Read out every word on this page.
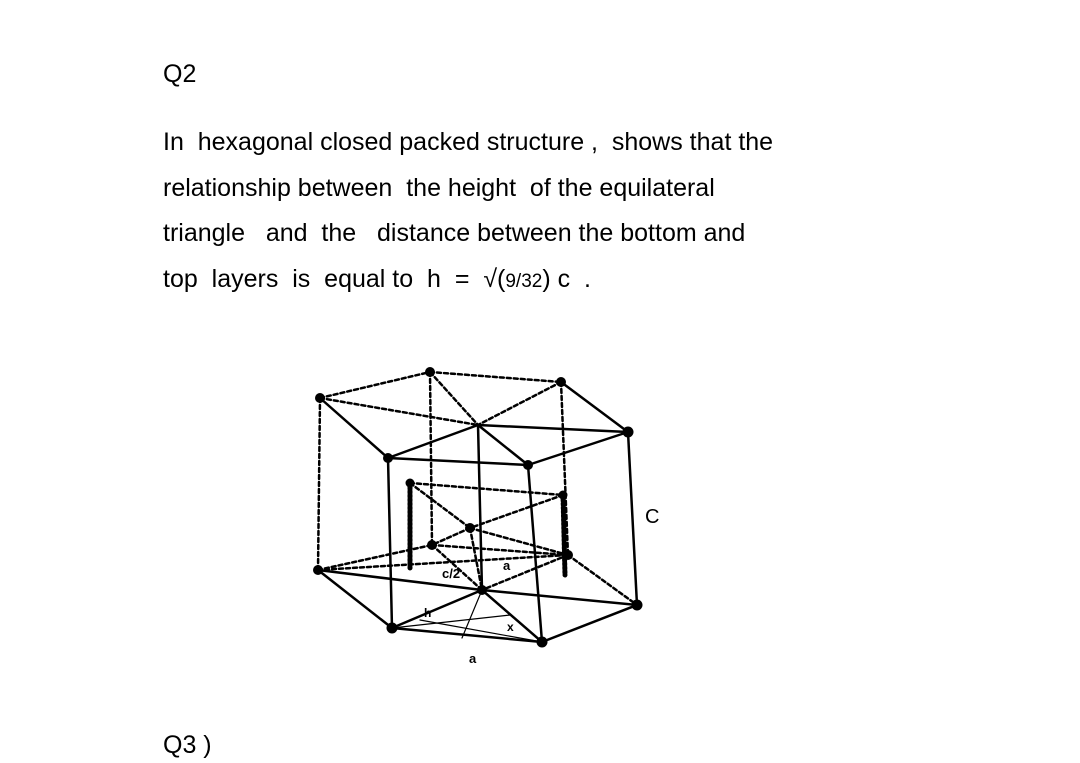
Q2
In  hexagonal closed packed structure ,  shows that the
relationship between  the height  of the equilateral
triangle   and  the   distance between the bottom and
top  layers  is  equal to  h  =  √(9/32) c  .
C
c/2
a
h
x
a
Q3 )
